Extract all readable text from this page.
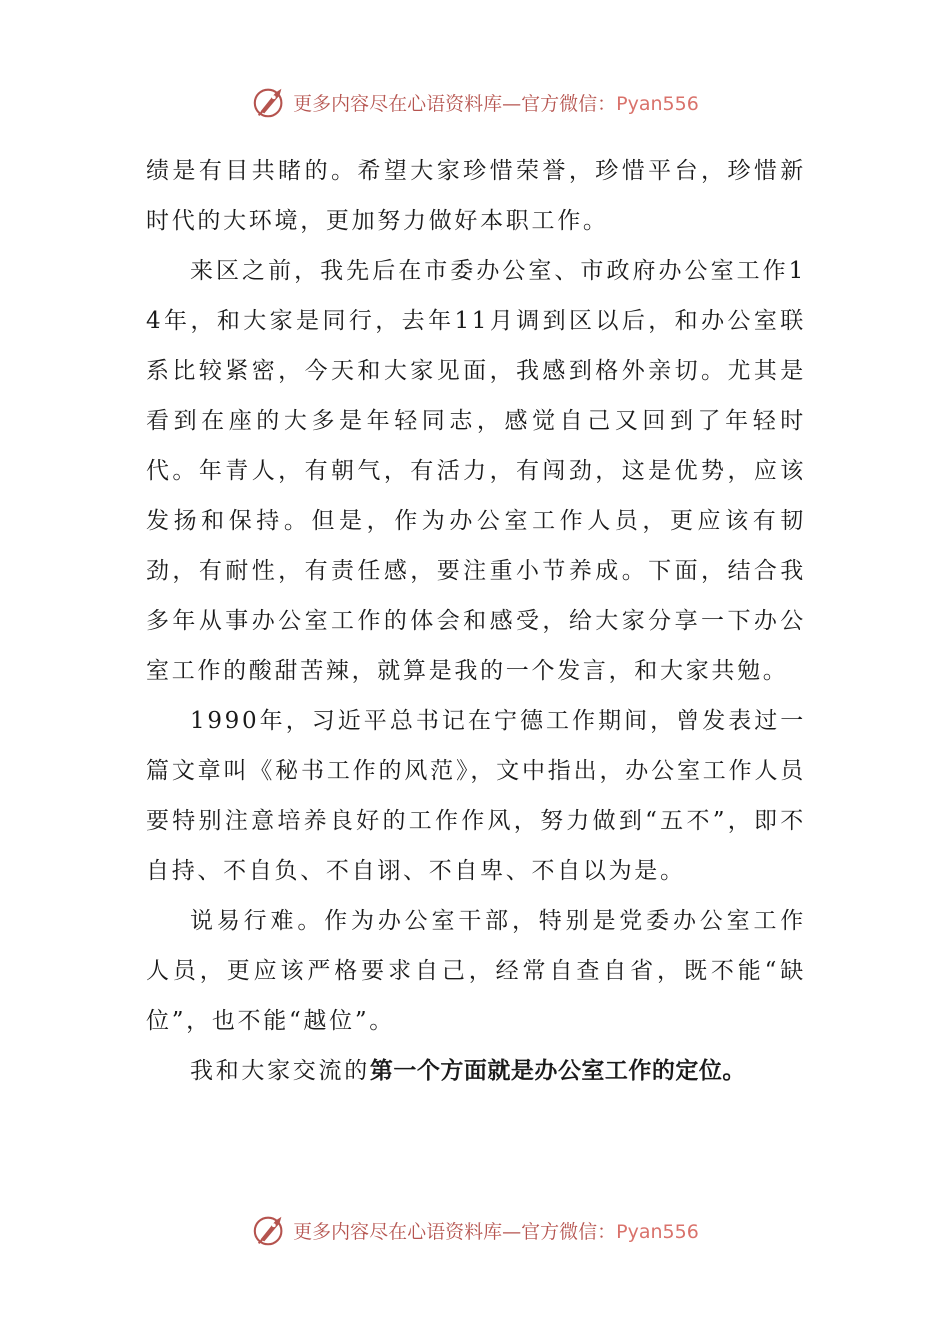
更多内容尽在心语资料库—官方微信：Pyan556

绩是有目共睹的。希望大家珍惜荣誉，珍惜平台，珍惜新时代的大环境，更加努力做好本职工作。

来区之前，我先后在市委办公室、市政府办公室工作14年，和大家是同行，去年11月调到区以后，和办公室联系比较紧密，今天和大家见面，我感到格外亲切。尤其是看到在座的大多是年轻同志，感觉自己又回到了年轻时代。年青人，有朝气，有活力，有闯劲，这是优势，应该发扬和保持。但是，作为办公室工作人员，更应该有韧劲，有耐性，有责任感，要注重小节养成。下面，结合我多年从事办公室工作的体会和感受，给大家分享一下办公室工作的酸甜苦辣，就算是我的一个发言，和大家共勉。

1990年，习近平总书记在宁德工作期间，曾发表过一篇文章叫《秘书工作的风范》，文中指出，办公室工作人员要特别注意培养良好的工作作风，努力做到“五不”，即不自持、不自负、不自诩、不自卑、不自以为是。

说易行难。作为办公室干部，特别是党委办公室工作人员，更应该严格要求自己，经常自查自省，既不能“缺位”，也不能“越位”。

我和大家交流的第一个方面就是办公室工作的定位。

更多内容尽在心语资料库—官方微信：Pyan556
